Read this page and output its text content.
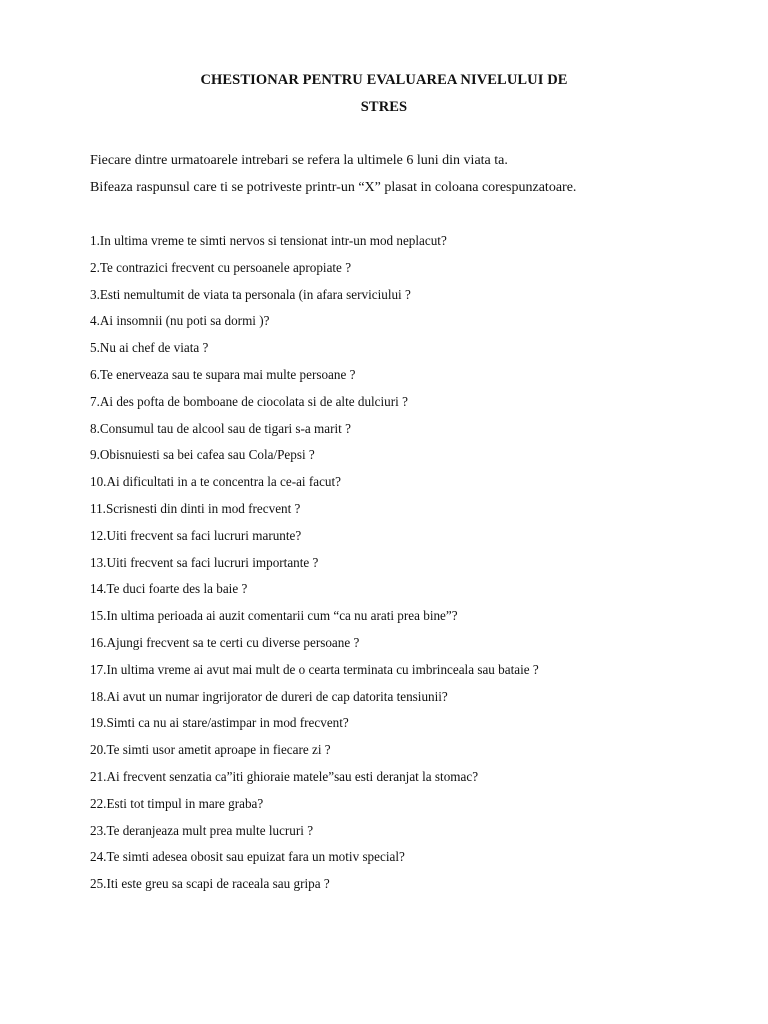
CHESTIONAR PENTRU EVALUAREA NIVELULUI DE
STRES
Fiecare dintre urmatoarele intrebari se refera la ultimele 6 luni din viata ta.
Bifeaza raspunsul care ti se potriveste printr-un “X” plasat in coloana corespunzatoare.
1.In ultima vreme te simti nervos si tensionat intr-un mod neplacut?
2.Te contrazici frecvent cu persoanele apropiate ?
3.Esti nemultumit de viata ta personala (in afara serviciului ?
4.Ai insomnii (nu poti sa dormi )?
5.Nu ai chef de viata ?
6.Te enerveaza sau te supara mai multe persoane ?
7.Ai des pofta de bomboane de ciocolata si de alte dulciuri ?
8.Consumul tau de alcool sau de tigari s-a marit ?
9.Obisnuiesti sa bei cafea sau Cola/Pepsi ?
10.Ai dificultati in a te concentra la ce-ai facut?
11.Scrisnesti din dinti in mod frecvent ?
12.Uiti frecvent sa faci lucruri marunte?
13.Uiti frecvent sa faci lucruri importante ?
14.Te duci foarte des la baie ?
15.In ultima perioada ai auzit comentarii cum “ca nu arati prea bine”?
16.Ajungi frecvent sa te certi cu diverse persoane ?
17.In ultima vreme ai avut mai mult de o cearta terminata cu imbrinceala sau bataie ?
18.Ai avut un numar ingrijorator de dureri de cap datorita tensiunii?
19.Simti ca nu ai stare/astimpar in mod frecvent?
20.Te simti usor ametit aproape in fiecare zi ?
21.Ai frecvent senzatia ca”iti ghioraie matele”sau esti deranjat la stomac?
22.Esti tot timpul in mare graba?
23.Te deranjeaza mult prea multe lucruri ?
24.Te simti adesea obosit sau epuizat fara un motiv special?
25.Iti este greu sa scapi de raceala sau gripa ?
